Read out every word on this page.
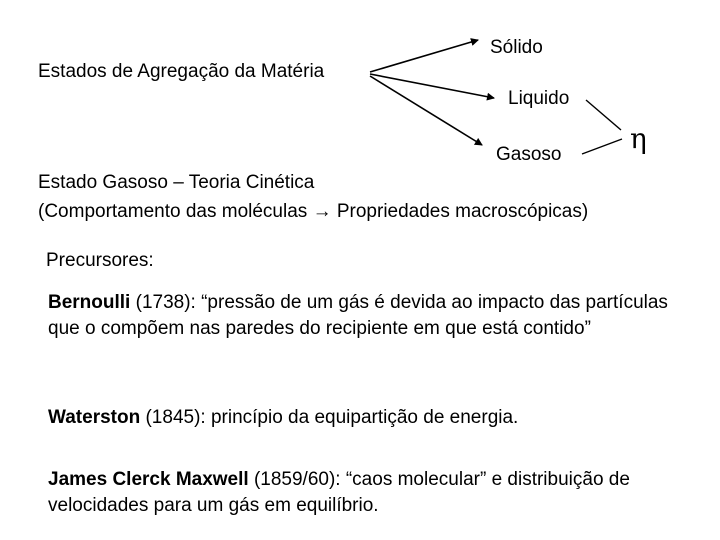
Estados de Agregação da Matéria
Sólido
Liquido
Gasoso η
Estado Gasoso – Teoria Cinética
(Comportamento das moléculas → Propriedades macroscópicas)
Precursores:
Bernoulli (1738): “pressão de um gás é devida ao impacto das partículas que o compõem nas paredes do recipiente em que está contido”
Waterston (1845): princípio da equipartição de energia.
James Clerck Maxwell (1859/60): “caos molecular” e distribuição de velocidades para um gás em equilíbrio.
